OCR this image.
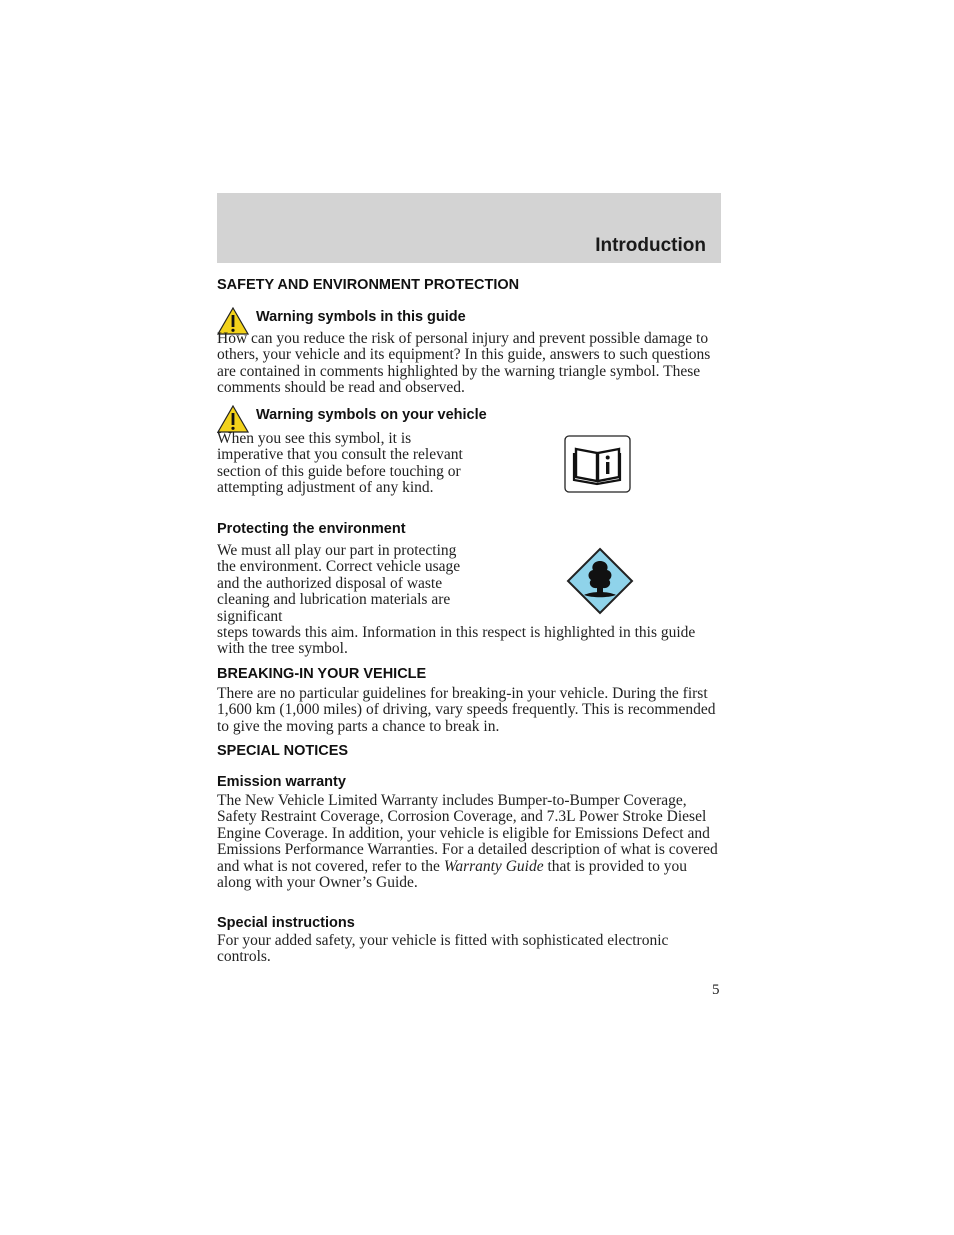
Introduction
SAFETY AND ENVIRONMENT PROTECTION
Warning symbols in this guide
How can you reduce the risk of personal injury and prevent possible damage to others, your vehicle and its equipment? In this guide, answers to such questions are contained in comments highlighted by the warning triangle symbol. These comments should be read and observed.
Warning symbols on your vehicle
When you see this symbol, it is imperative that you consult the relevant section of this guide before touching or attempting adjustment of any kind.
Protecting the environment
We must all play our part in protecting the environment. Correct vehicle usage and the authorized disposal of waste cleaning and lubrication materials are significant
steps towards this aim. Information in this respect is highlighted in this guide with the tree symbol.
BREAKING-IN YOUR VEHICLE
There are no particular guidelines for breaking-in your vehicle. During the first 1,600 km (1,000 miles) of driving, vary speeds frequently. This is recommended to give the moving parts a chance to break in.
SPECIAL NOTICES
Emission warranty
The New Vehicle Limited Warranty includes Bumper-to-Bumper Coverage, Safety Restraint Coverage, Corrosion Coverage, and 7.3L Power Stroke Diesel Engine Coverage. In addition, your vehicle is eligible for Emissions Defect and Emissions Performance Warranties. For a detailed description of what is covered and what is not covered, refer to the Warranty Guide that is provided to you along with your Owner’s Guide.
Special instructions
For your added safety, your vehicle is fitted with sophisticated electronic controls.
5
